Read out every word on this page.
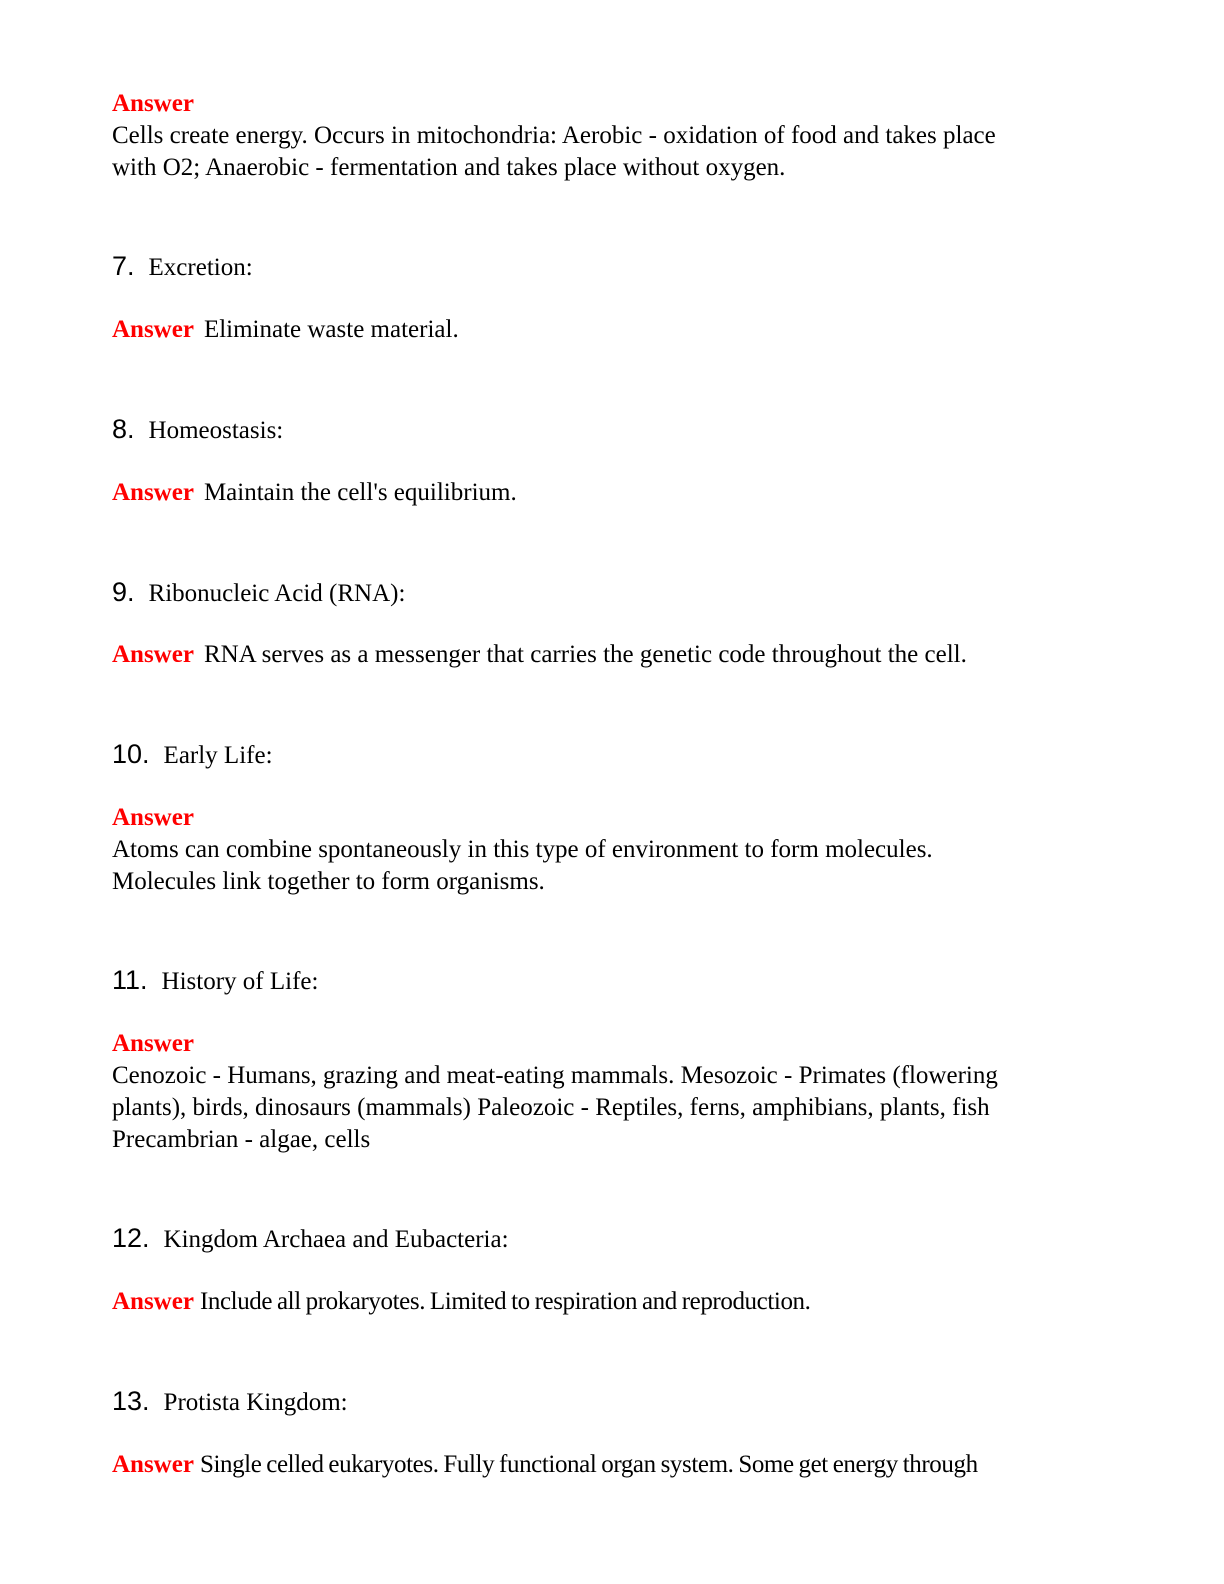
Answer
Cells create energy. Occurs in mitochondria: Aerobic - oxidation of food and takes place
with O2; Anaerobic - fermentation and takes place without oxygen.
7. Excretion:
Answer Eliminate waste material.
8. Homeostasis:
Answer Maintain the cell's equilibrium.
9. Ribonucleic Acid (RNA):
Answer RNA serves as a messenger that carries the genetic code throughout the cell.
10. Early Life:
Answer
Atoms can combine spontaneously in this type of environment to form molecules.
Molecules link together to form organisms.
11. History of Life:
Answer
Cenozoic - Humans, grazing and meat-eating mammals. Mesozoic - Primates (flowering
plants), birds, dinosaurs (mammals) Paleozoic - Reptiles, ferns, amphibians, plants, fish
Precambrian - algae, cells
12. Kingdom Archaea and Eubacteria:
Answer Include all prokaryotes. Limited to respiration and reproduction.
13. Protista Kingdom:
Answer Single celled eukaryotes. Fully functional organ system. Some get energy through
